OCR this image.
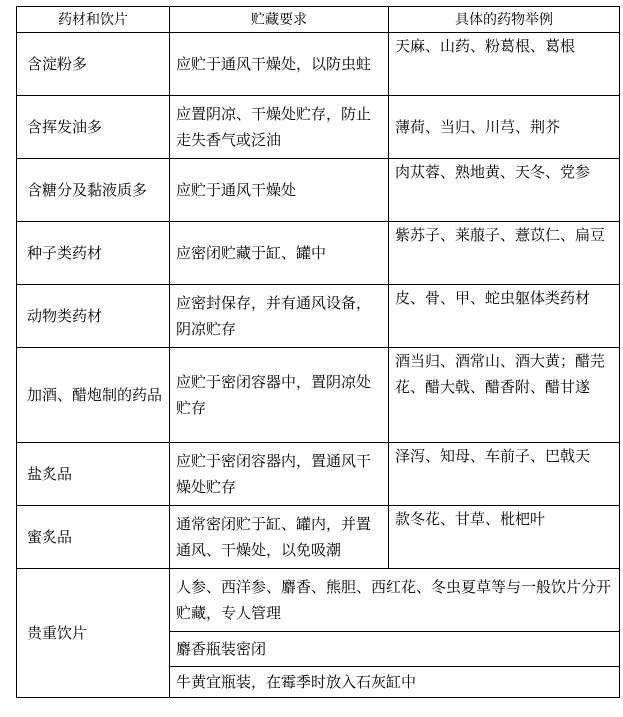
药材和饮片	贮藏要求	具体的药物举例
含淀粉多	应贮于通风干燥处，以防虫蛀	天麻、山药、粉葛根、葛根
含挥发油多	应置阴凉、干燥处贮存，防止走失香气或泛油	薄荷、当归、川芎、荆芥
含糖分及黏液质多	应贮于通风干燥处	肉苁蓉、熟地黄、天冬、党参
种子类药材	应密闭贮藏于缸、罐中	紫苏子、莱菔子、薏苡仁、扁豆
动物类药材	应密封保存，并有通风设备，阴凉贮存	皮、骨、甲、蛇虫躯体类药材
加酒、醋炮制的药品	应贮于密闭容器中，置阴凉处贮存	酒当归、酒常山、酒大黄；醋芫花、醋大戟、醋香附、醋甘遂
盐炙品	应贮于密闭容器内，置通风干燥处贮存	泽泻、知母、车前子、巴戟天
蜜炙品	通常密闭贮于缸、罐内，并置通风、干燥处，以免吸潮	款冬花、甘草、枇杷叶
贵重饮片	人参、西洋参、麝香、熊胆、西红花、冬虫夏草等与一般饮片分开贮藏，专人管理	
	麝香瓶装密闭	
	牛黄宜瓶装，在霉季时放入石灰缸中	
